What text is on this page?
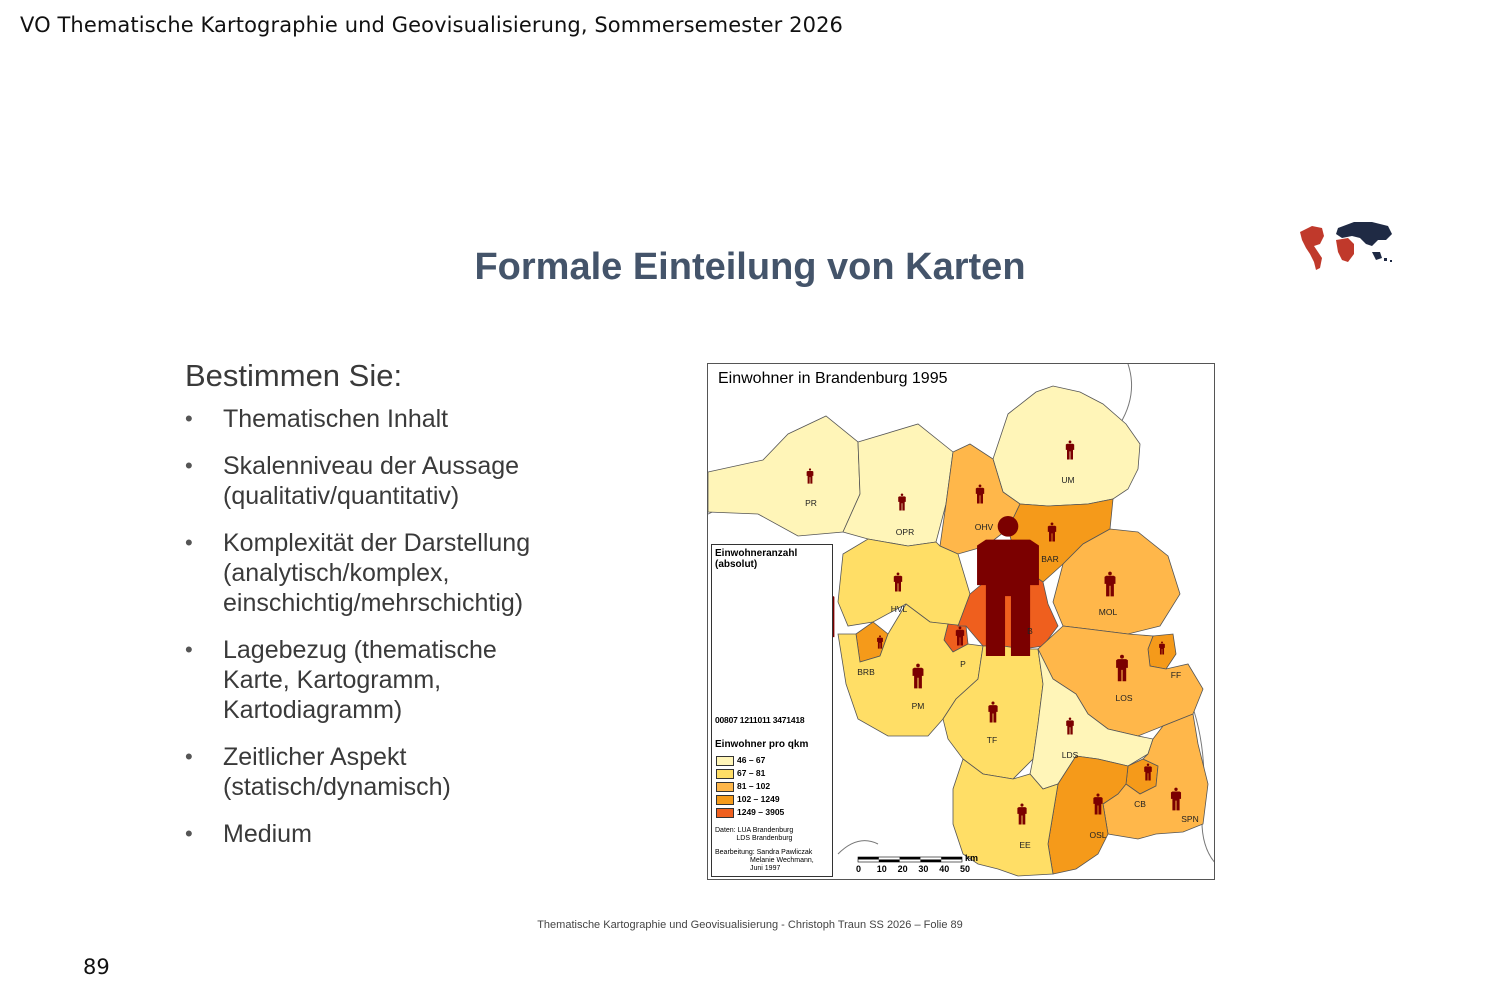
VO Thematische Kartographie und Geovisualisierung, Sommersemester 2026
Formale Einteilung von Karten
Bestimmen Sie:
• Thematischen Inhalt
• Skalenniveau der Aussage
(qualitativ/quantitativ)
• Komplexität der Darstellung
(analytisch/komplex,
einschichtig/mehrschichtig)
• Lagebezug (thematische
Karte, Kartogramm,
Kartodiagramm)
• Zeitlicher Aspekt
(statisch/dynamisch)
• Medium
Einwohner in Brandenburg 1995
PR
OPR
UM
OHV
BAR
HVL	MOL
BRB
P
B
FF
LOS
PM
TF
LDS
CB
SPN
OSL
EE
Einwohneranzahl (absolut)
00807 1211011 3471418
Einwohner pro qkm
46 – 67
67 – 81
81 – 102
102 – 1249
1249 – 3905
Daten: LUA Brandenburg
LDS Brandenburg
Bearbeitung: Sandra Pawliczak
Melanie Wechmann,
Juni 1997	0 10 20 30 40 50
km
Thematische Kartographie und Geovisualisierung - Christoph Traun SS 2026 – Folie 89
89
